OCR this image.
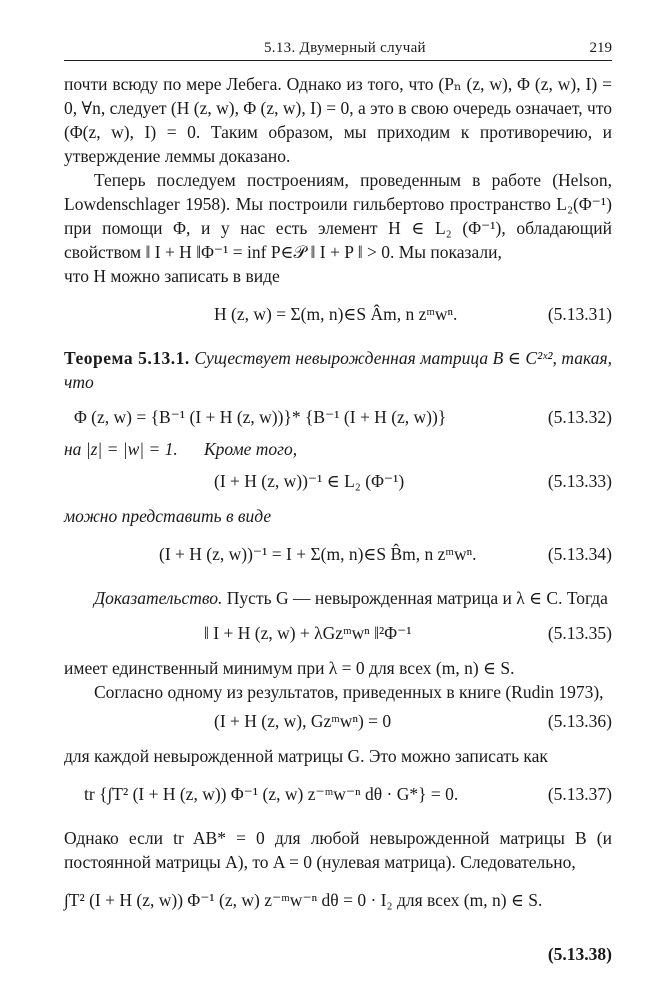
5.13. Двумерный случай	219

почти всюду по мере Лебега. Однако из того, что (Pₙ (z, w), Φ (z, w), I) = 0, ∀n, следует (H (z, w), Φ (z, w), I) = 0, а это в свою очередь означает, что (Φ(z, w), I) = 0. Таким образом, мы приходим к противоречию, и утверждение леммы доказано.

Теперь последуем построениям, проведенным в работе (Helson, Lowdenschlager 1958). Мы построили гильбертово пространство L₂(Φ⁻¹) при помощи Φ, и у нас есть элемент H ∈ L₂ (Φ⁻¹), обладающий свойством ‖ I + H ‖Φ⁻¹ = inf P∈𝒫 ‖ I + P ‖ > 0. Мы показали,

что H можно записать в виде

H (z, w) = Σ(m, n)∈S Âm, n zᵐwⁿ.	(5.13.31)

Теорема 5.13.1. Существует невырожденная матрица B ∈ C²ˣ², такая, что

Φ (z, w) = {B⁻¹ (I + H (z, w))}* {B⁻¹ (I + H (z, w))}	(5.13.32)
на |z| = |w| = 1. Кроме того,
(I + H (z, w))⁻¹ ∈ L₂ (Φ⁻¹)	(5.13.33)

можно представить в виде

(I + H (z, w))⁻¹ = I + Σ(m, n)∈S B̂m, n zᵐwⁿ.	(5.13.34)

Доказательство. Пусть G — невырожденная матрица и λ ∈ C. Тогда

‖ I + H (z, w) + λGzᵐwⁿ ‖²Φ⁻¹	(5.13.35)

имеет единственный минимум при λ = 0 для всех (m, n) ∈ S.

Согласно одному из результатов, приведенных в книге (Rudin 1973),

(I + H (z, w), Gzᵐwⁿ) = 0	(5.13.36)

для каждой невырожденной матрицы G. Это можно записать как

tr {∫T² (I + H (z, w)) Φ⁻¹ (z, w) z⁻ᵐw⁻ⁿ dθ · G*} = 0.	(5.13.37)

Однако если tr AB* = 0 для любой невырожденной матрицы B (и постоянной матрицы A), то A = 0 (нулевая матрица). Следовательно,

∫T² (I + H (z, w)) Φ⁻¹ (z, w) z⁻ᵐw⁻ⁿ dθ = 0 · I₂ для всех (m, n) ∈ S.
(5.13.38)
